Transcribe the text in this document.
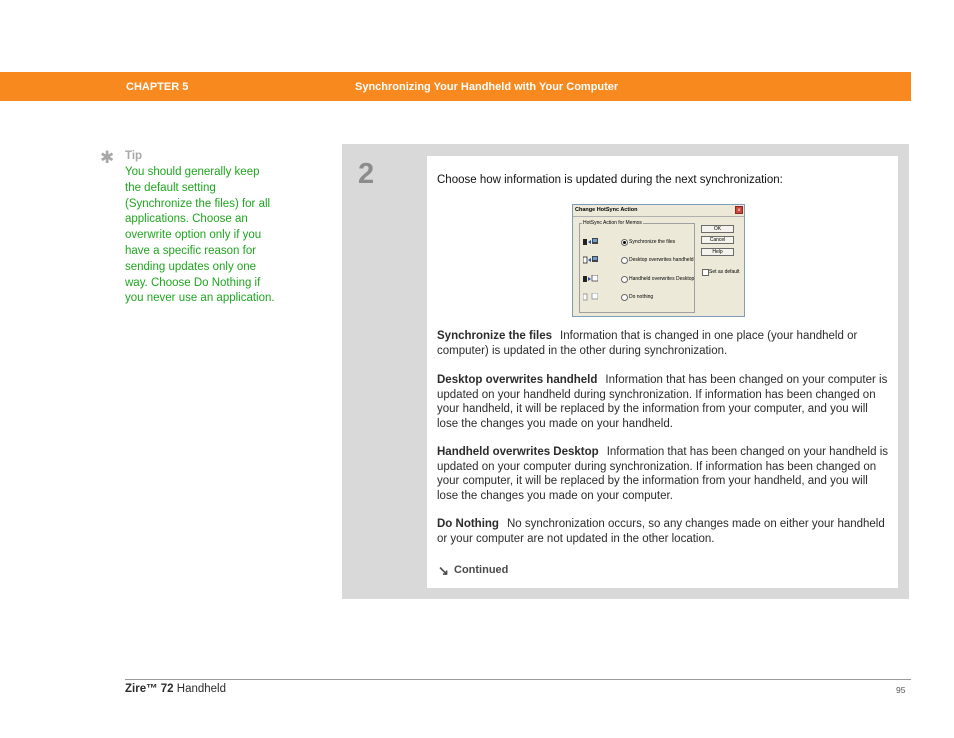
CHAPTER 5	Synchronizing Your Handheld with Your Computer
✱ Tip
You should generally keep the default setting (Synchronize the files) for all applications. Choose an overwrite option only if you have a specific reason for sending updates only one way. Choose Do Nothing if you never use an application.
2	Choose how information is updated during the next synchronization:
Change HotSync Action	×
HotSync Action for Memos
Synchronize the files
Desktop overwrites handheld
Handheld overwrites Desktop
Do nothing
OK
Cancel
Help
Set as default
Synchronize the files Information that is changed in one place (your handheld or computer) is updated in the other during synchronization.
Desktop overwrites handheld Information that has been changed on your computer is updated on your handheld during synchronization. If information has been changed on your handheld, it will be replaced by the information from your computer, and you will lose the changes you made on your handheld.
Handheld overwrites Desktop Information that has been changed on your handheld is updated on your computer during synchronization. If information has been changed on your computer, it will be replaced by the information from your handheld, and you will lose the changes you made on your computer.
Do Nothing No synchronization occurs, so any changes made on either your handheld or your computer are not updated in the other location.
↘ Continued
Zire™ 72 Handheld	95
